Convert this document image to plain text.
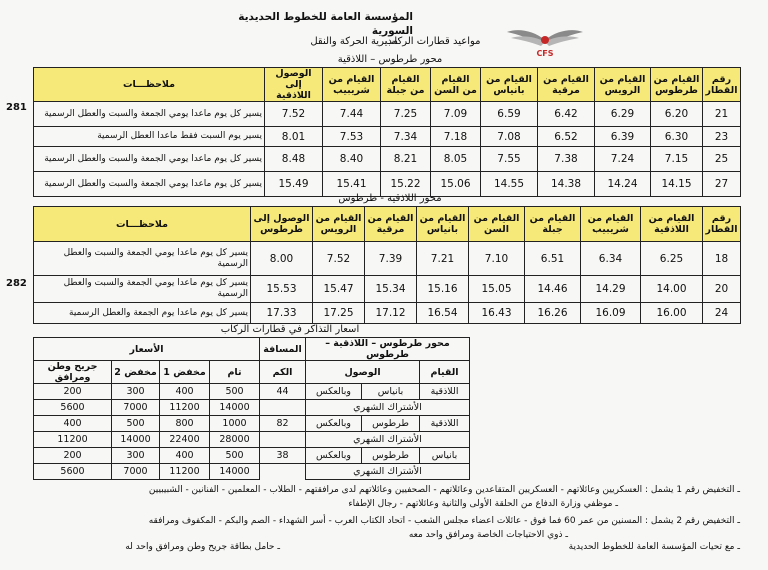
المؤسسة العامة للخطوط الحديدية السورية
مديرية الحركة والنقل
مواعيد قطارات الركاب
CFS
محور طرطوس – اللاذقية
رقم القطار	القيام من طرطوس	القيام من الرويس	القيام من مرقية	القيام من بانياس	القيام من السن	القيام من جبلة	القيام من شريبيب	الوصول إلى اللاذقية	ملاحظـــات
21	6.20	6.29	6.42	6.59	7.09	7.25	7.44	7.52	يسير كل يوم ماعدا يومي الجمعة والسبت والعطل الرسمية
23	6.30	6.39	6.52	7.08	7.18	7.34	7.53	8.01	يسير يوم السبت فقط ماعدا العطل الرسمية
25	7.15	7.24	7.38	7.55	8.05	8.21	8.40	8.48	يسير كل يوم ماعدا يومي الجمعة والسبت والعطل الرسمية
27	14.15	14.24	14.38	14.55	15.06	15.22	15.41	15.49	يسير كل يوم ماعدا يومي الجمعة والسبت والعطل الرسمية
281
محور اللاذقية - طرطوس
رقم القطار	القيام من اللاذقية	القيام من شريبيب	القيام من جبلة	القيام من السن	القيام من بانياس	القيام من مرقية	القيام من الرويس	الوصول إلى طرطوس	ملاحظـــات
18	6.25	6.34	6.51	7.10	7.21	7.39	7.52	8.00	يسير كل يوم ماعدا يومي الجمعة والسبت والعطل الرسمية
20	14.00	14.29	14.46	15.05	15.16	15.34	15.47	15.53	يسير كل يوم ماعدا يومي الجمعة والسبت والعطل الرسمية
24	16.00	16.09	16.26	16.43	16.54	17.12	17.25	17.33	يسير كل يوم ماعدا يوم الجمعة والعطل الرسمية
282
اسعار التذاكر في قطارات الركاب
محور طرطوس – اللاذقية – طرطوس			المسافة	الأسعار			
القيام	الوصول		الكم	تام	مخفض 1	مخفض 2	جريح وطن ومرافق
اللاذقية	بانياس	وبالعكس	44	500	400	300	200
الأشتراك الشهري				14000	11200	7000	5600
اللاذقية	طرطوس	وبالعكس	82	1000	800	500	400
الأشتراك الشهري				28000	22400	14000	11200
بانياس	طرطوس	وبالعكس	38	500	400	300	200
الأشتراك الشهري				14000	11200	7000	5600
ـ التخفيض رقم 1 يشمل : العسكريين وعائلاتهم - العسكريين المتقاعدين وعائلاتهم - الصحفيين وعائلاتهم لدى مرافقتهم - الطلاب - المعلمين - الفنانين - الشبيبيين
ـ موظفي وزارة الدفاع من الحلقة الأولى والثانية وعائلاتهم - رجال الإطفاء
ـ التخفيض رقم 2 يشمل : المسنين من عمر 60 فما فوق - عائلات اعضاء مجلس الشعب - اتحاد الكتاب العرب - أسر الشهداء - الصم والبكم - المكفوف ومرافقه
ـ ذوي الاحتياجات الخاصة ومرافق واحد معه
ـ حامل بطاقة جريح وطن ومرافق واحد له	ـ مع تحيات المؤسسة العامة للخطوط الحديدية
